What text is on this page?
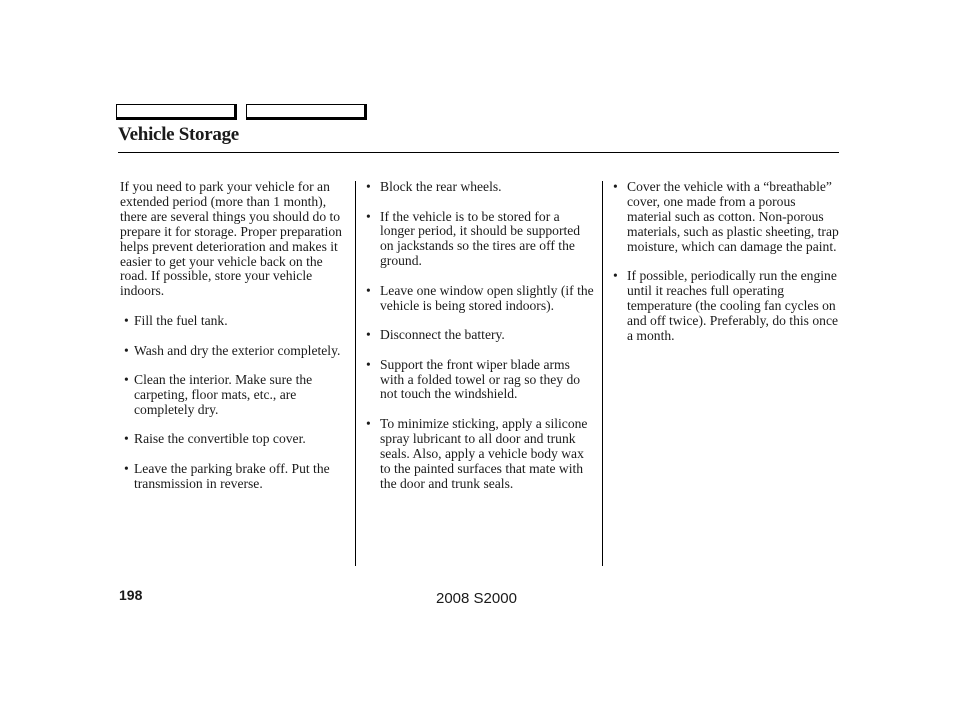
Vehicle Storage

If you need to park your vehicle for an extended period (more than 1 month), there are several things you should do to prepare it for storage. Proper preparation helps prevent deterioration and makes it easier to get your vehicle back on the road. If possible, store your vehicle indoors.

• Fill the fuel tank.
• Wash and dry the exterior completely.
• Clean the interior. Make sure the carpeting, floor mats, etc., are completely dry.
• Raise the convertible top cover.
• Leave the parking brake off. Put the transmission in reverse.
• Block the rear wheels.
• If the vehicle is to be stored for a longer period, it should be supported on jackstands so the tires are off the ground.
• Leave one window open slightly (if the vehicle is being stored indoors).
• Disconnect the battery.
• Support the front wiper blade arms with a folded towel or rag so they do not touch the windshield.
• To minimize sticking, apply a silicone spray lubricant to all door and trunk seals. Also, apply a vehicle body wax to the painted surfaces that mate with the door and trunk seals.
• Cover the vehicle with a “breathable” cover, one made from a porous material such as cotton. Non-porous materials, such as plastic sheeting, trap moisture, which can damage the paint.
• If possible, periodically run the engine until it reaches full operating temperature (the cooling fan cycles on and off twice). Preferably, do this once a month.
198	2008 S2000
